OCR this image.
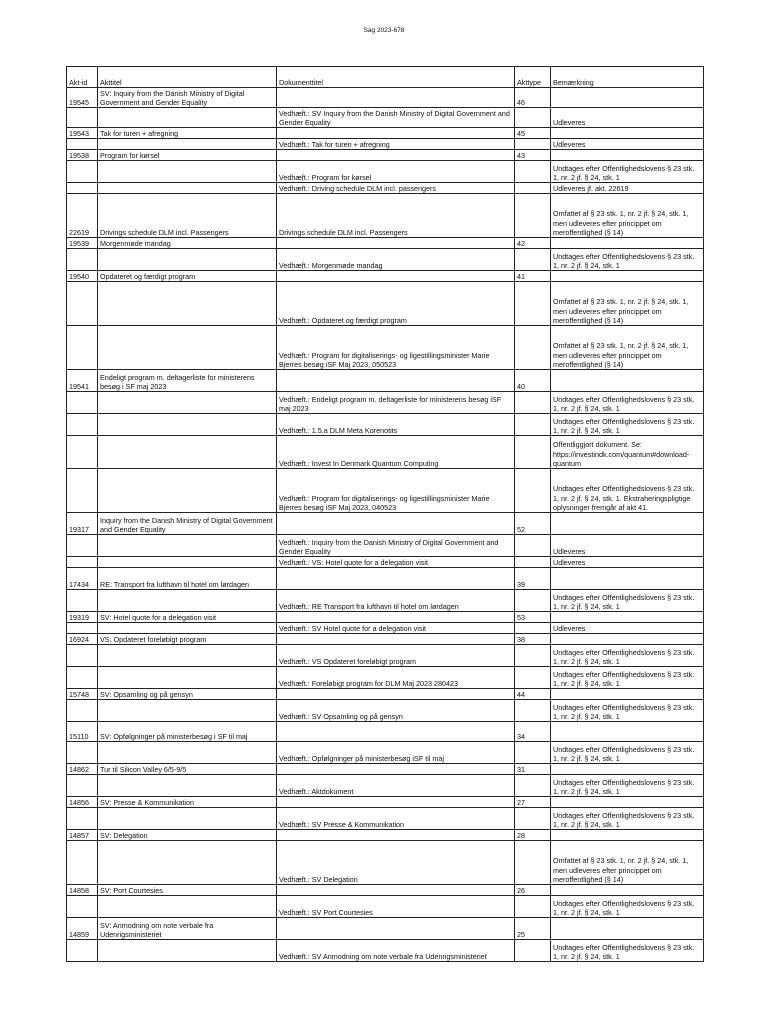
Sag 2023-678
Akt-id	Akttitel	Dokumenttitel	Akttype	Bemærkning
19545	SV: Inquiry from the Danish Ministry of Digital Government and Gender Equality		46	
		Vedhæft.: SV Inquiry from the Danish Ministry of Digital Government and Gender Equality		Udleveres
19543	Tak for turen + afregning		45	
		Vedhæft.: Tak for turen + afregning		Udleveres
19538	Program for kørsel		43	
		Vedhæft.: Program for kørsel		Undtages efter Offentlighedslovens § 23 stk. 1, nr. 2 jf. § 24, stk. 1
		Vedhæft.: Driving schedule DLM incl. passengers		Udleveres jf. akt. 22619
22619	Drivings schedule DLM incl. Passengers	Drivings schedule DLM incl. Passengers		Omfattet af § 23 stk. 1, nr. 2 jf. § 24, stk. 1, men udleveres efter princippet om meroffentlighed (§ 14)
19539	Morgenmøde mandag		42	
		Vedhæft.: Morgenmøde mandag		Undtages efter Offentlighedslovens § 23 stk. 1, nr. 2 jf. § 24, stk. 1
19540	Opdateret og færdigt program		41	
		Vedhæft.: Opdateret og færdigt program		Omfattet af § 23 stk. 1, nr. 2 jf. § 24, stk. 1, men udleveres efter princippet om meroffentlighed (§ 14)
		Vedhæft.: Program for digitaliserings- og ligestillingsminister Marie Bjerres besøg iSF Maj 2023, 050523		Omfattet af § 23 stk. 1, nr. 2 jf. § 24, stk. 1, men udleveres efter princippet om meroffentlighed (§ 14)
19541	Endeligt program m. deltagerliste for ministerens besøg i SF maj 2023		40	
		Vedhæft.: Endeligt program m. deltagerliste for ministerens besøg iSF maj 2023		Undtages efter Offentlighedslovens § 23 stk. 1, nr. 2 jf. § 24, stk. 1
		Vedhæft.: 1.5.a DLM Meta Korenotits		Undtages efter Offentlighedslovens § 23 stk. 1, nr. 2 jf. § 24, stk. 1
		Vedhæft.: Invest In Denmark Quantum Computing		Offentliggjort dokument. Se: https://investindk.com/quantum#download-quantum
		Vedhæft.: Program for digitaliserings- og ligestillingsminister Marie Bjerres besøg iSF Maj 2023, 040523		Undtages efter Offentlighedslovens § 23 stk. 1, nr. 2 jf. § 24, stk. 1. Ekstraheringspligtige oplysninger fremgår af akt 41.
19317	Inquiry from the Danish Ministry of Digital Government and Gender Equality		52	
		Vedhæft.: Inquiry from the Danish Ministry of Digital Government and Gender Equality		Udleveres
		Vedhæft.: VS: Hotel quote for a delegation visit		Udleveres
17434	RE: Transport fra lufthavn til hotel om lørdagen		39	
		Vedhæft.: RE Transport fra lufthavn til hotel om lørdagen		Undtages efter Offentlighedslovens § 23 stk. 1, nr. 2 jf. § 24, stk. 1
19319	SV: Hotel quote for a delegation visit		53	
		Vedhæft.: SV Hotel quote for a delegation visit		Udleveres
16924	VS: Opdateret foreløbigt program		38	
		Vedhæft.: VS Opdateret foreløbigt program		Undtages efter Offentlighedslovens § 23 stk. 1, nr. 2 jf. § 24, stk. 1
		Vedhæft.: Foreløbigt program for DLM Maj 2023 280423		Undtages efter Offentlighedslovens § 23 stk. 1, nr. 2 jf. § 24, stk. 1
15748	SV: Opsamling og på gensyn		44	
		Vedhæft.: SV Opsamling og på gensyn		Undtages efter Offentlighedslovens § 23 stk. 1, nr. 2 jf. § 24, stk. 1
15110	SV: Opfølgninger på ministerbesøg i SF til maj		34	
		Vedhæft.: Opfølgninger på ministerbesøg iSF til maj		Undtages efter Offentlighedslovens § 23 stk. 1, nr. 2 jf. § 24, stk. 1
14862	Tur til Silicon Valley 6/5-9/5		31	
		Vedhæft.: Aktdokument		Undtages efter Offentlighedslovens § 23 stk. 1, nr. 2 jf. § 24, stk. 1
14856	SV: Presse & Kommunikation		27	
		Vedhæft.: SV Presse & Kommunikation		Undtages efter Offentlighedslovens § 23 stk. 1, nr. 2 jf. § 24, stk. 1
14857	SV: Delegation		28	
		Vedhæft.: SV Delegation		Omfattet af § 23 stk. 1, nr. 2 jf. § 24, stk. 1, men udleveres efter princippet om meroffentlighed (§ 14)
14858	SV: Port Courtesies		26	
		Vedhæft.: SV Port Courtesies		Undtages efter Offentlighedslovens § 23 stk. 1, nr. 2 jf. § 24, stk. 1
14859	SV: Anmodning om note verbale fra Udenrigsministeriet		25	
		Vedhæft.: SV Anmodning om note verbale fra Udenrigsministeriet		Undtages efter Offentlighedslovens § 23 stk. 1, nr. 2 jf. § 24, stk. 1
